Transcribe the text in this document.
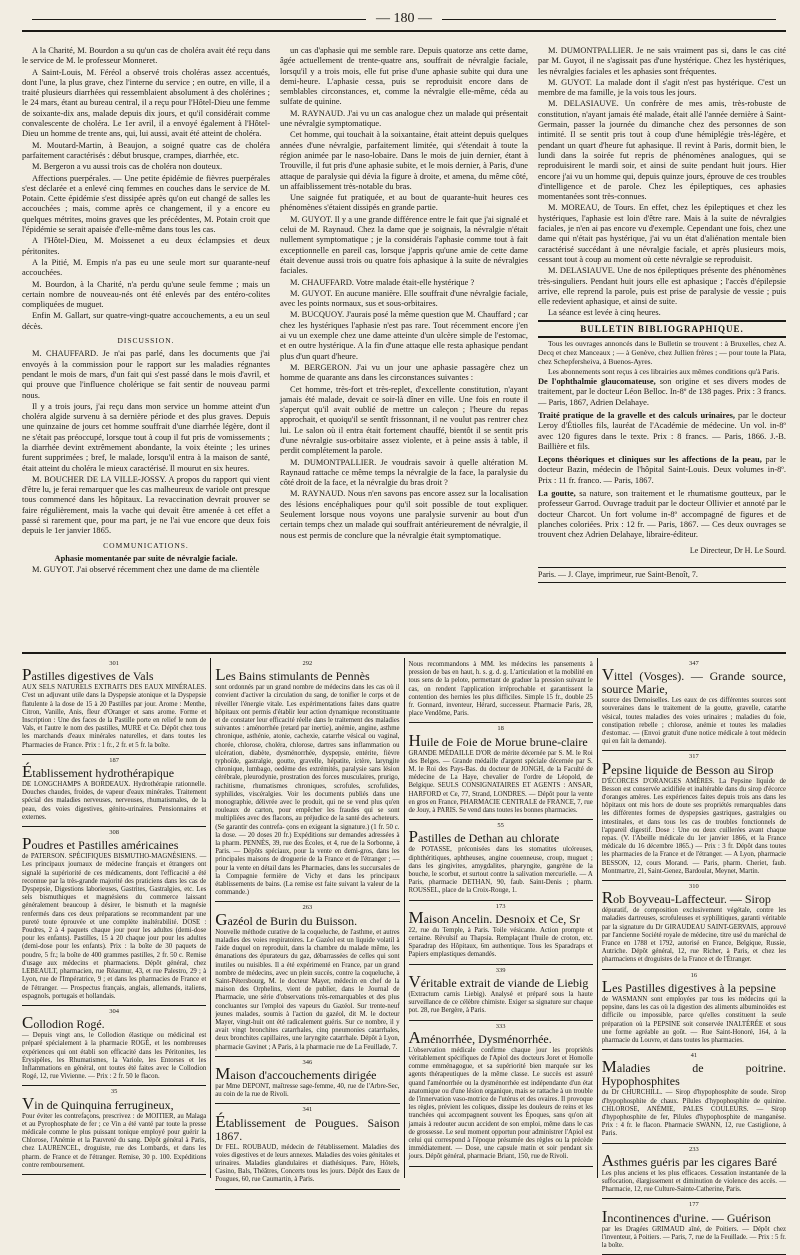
— 180 —

A la Charité, M. Bourdon a su qu'un cas de choléra avait été reçu dans le service de M. le professeur Monneret.

A Saint-Louis, M. Féréol a observé trois choléras assez accentués, dont l'une, la plus grave, chez l'interne du service ; en outre, en ville, il a traité plusieurs diarrhées qui ressemblaient absolument à des cholérines ; le 24 mars, étant au bureau central, il a reçu pour l'Hôtel-Dieu une femme de soixante-dix ans, malade depuis dix jours, et qu'il considérait comme convalescente de choléra. Le 1er avril, il a envoyé également à l'Hôtel-Dieu un homme de trente ans, qui, lui aussi, avait été atteint de choléra.

M. Moutard-Martin, à Beaujon, a soigné quatre cas de choléra parfaitement caractérisés : début brusque, crampes, diarrhée, etc.

M. Bergeron a vu aussi trois cas de choléra non douteux.

Affections puerpérales. — Une petite épidémie de fièvres puerpérales s'est déclarée et a enlevé cinq femmes en couches dans le service de M. Potain. Cette épidémie s'est dissipée après qu'on eut changé de salles les accouchées ; mais, comme après ce changement, il y a encore eu quelques métrites, moins graves que les précédentes, M. Potain croit que l'épidémie se serait apaisée d'elle-même dans tous les cas.

A l'Hôtel-Dieu, M. Moissenet a eu deux éclampsies et deux péritonites.

A la Pitié, M. Empis n'a pas eu une seule mort sur quarante-neuf accouchées.

M. Bourdon, à la Charité, n'a perdu qu'une seule femme ; mais un certain nombre de nouveau-nés ont été enlevés par des entéro-colites compliquées de muguet.

Enfin M. Gallart, sur quatre-vingt-quatre accouchements, a eu un seul décès.

DISCUSSION.

M. CHAUFFARD. Je n'ai pas parlé, dans les documents que j'ai envoyés à la commission pour le rapport sur les maladies régnantes pendant le mois de mars, d'un fait qui s'est passé dans le mois d'avril, et qui prouve que l'influence cholérique se fait sentir de nouveau parmi nous.

Il y a trois jours, j'ai reçu dans mon service un homme atteint d'un choléra algide survenu à sa dernière période et des plus graves. Depuis une quinzaine de jours cet homme souffrait d'une diarrhée légère, dont il ne s'était pas préoccupé, lorsque tout à coup il fut pris de vomissements ; la diarrhée devint extrêmement abondante, la voix éteinte ; les urines furent supprimées ; bref, le malade, lorsqu'il entra à la maison de santé, était atteint du choléra le mieux caractérisé. Il mourut en six heures.

M. BOUCHER DE LA VILLE-JOSSY. A propos du rapport qui vient d'être lu, je ferai remarquer que les cas malheureux de variole ont presque tous commencé dans les hôpitaux. La revaccination devrait prouver se faire régulièrement, mais la vache qui devait être amenée à cet effet a passé si rarement que, pour ma part, je ne l'ai vue encore que deux fois depuis le 1er janvier 1865.

COMMUNICATIONS.

Aphasie momentanée par suite de névralgie faciale.

M. GUYOT. J'ai observé récemment chez une dame de ma clientèle

un cas d'aphasie qui me semble rare. Depuis quatorze ans cette dame, âgée actuellement de trente-quatre ans, souffrait de névralgie faciale, lorsqu'il y a trois mois, elle fut prise d'une aphasie subite qui dura une demi-heure. L'aphasie cessa, puis se reproduisit encore dans de semblables circonstances, et, comme la névralgie elle-même, céda au sulfate de quinine.

M. RAYNAUD. J'ai vu un cas analogue chez un malade qui présentait une névralgie symptomatique.

Cet homme, qui touchait à la soixantaine, était atteint depuis quelques années d'une névralgie, parfaitement limitée, qui s'étendait à toute la région animée par le naso-lobaire. Dans le mois de juin dernier, étant à Trouville, il fut pris d'une aphasie subite, et le mois dernier, à Paris, d'une attaque de paralysie qui dévia la figure à droite, et amena, du même côté, un affaiblissement très-notable du bras.

Une saignée fut pratiquée, et au bout de quarante-huit heures ces phénomènes s'étaient dissipés en grande partie.

M. GUYOT. Il y a une grande différence entre le fait que j'ai signalé et celui de M. Raynaud. Chez la dame que je soignais, la névralgie n'était nullement symptomatique ; je la considérais l'aphasie comme tout à fait exceptionnelle en pareil cas, lorsque j'appris qu'une amie de cette dame était devenue aussi trois ou quatre fois aphasique à la suite de névralgies faciales.

M. CHAUFFARD. Votre malade était-elle hystérique ?

M. GUYOT. En aucune manière. Elle souffrait d'une névralgie faciale, avec les points normaux, sus et sous-orbitaires.

M. BUCQUOY. J'aurais posé la même question que M. Chauffard ; car chez les hystériques l'aphasie n'est pas rare. Tout récemment encore j'en ai vu un exemple chez une dame atteinte d'un ulcère simple de l'estomac, et en outre hystérique. A la fin d'une attaque elle resta aphasique pendant plus d'un quart d'heure.

M. BERGERON. J'ai vu un jour une aphasie passagère chez un homme de quarante ans dans les circonstances suivantes :

Cet homme, très-fort et très-replet, d'excellente constitution, n'ayant jamais été malade, devait ce soir-là dîner en ville. Une fois en route il s'aperçut qu'il avait oublié de mettre un caleçon ; l'heure du repas approchait, et quoiqu'il se sentît frissonnant, il ne voulut pas rentrer chez lui. Le salon où il entra était fortement chauffé, bientôt il se sentit pris d'une névralgie sus-orbitaire assez violente, et à peine assis à table, il perdit complétement la parole.

M. DUMONTPALLIER. Je voudrais savoir à quelle altération M. Raynaud rattache ce même temps la névralgie de la face, la paralysie du côté droit de la face, et la névralgie du bras droit ?

M. RAYNAUD. Nous n'en savons pas encore assez sur la localisation des lésions encéphaliques pour qu'il soit possible de tout expliquer. Seulement lorsque nous voyons une paralysie survenir au bout d'un certain temps chez un malade qui souffrait antérieurement de névralgie, il nous est permis de conclure que la névralgie était symptomatique.

M. DUMONTPALLIER. Je ne sais vraiment pas si, dans le cas cité par M. Guyot, il ne s'agissait pas d'une hystérique. Chez les hystériques, les névralgies faciales et les aphasies sont fréquentes.

M. GUYOT. La malade dont il s'agit n'est pas hystérique. C'est un membre de ma famille, je la vois tous les jours.

M. DELASIAUVE. Un confrère de mes amis, très-robuste de constitution, n'ayant jamais été malade, était allé l'année dernière à Saint-Germain, passer la journée du dimanche chez des personnes de son intimité. Il se sentit pris tout à coup d'une hémiplégie très-légère, et pendant un quart d'heure fut aphasique. Il revint à Paris, dormit bien, le lundi dans la soirée fut repris de phénomènes analogues, qui se reproduisirent le mardi soir, et ainsi de suite pendant huit jours. Hier encore j'ai vu un homme qui, depuis quinze jours, éprouve de ces troubles d'intelligence et de parole. Chez les épileptiques, ces aphasies momentanées sont très-connues.

M. MOREAU, de Tours. En effet, chez les épileptiques et chez les hystériques, l'aphasie est loin d'être rare. Mais à la suite de névralgies faciales, je n'en ai pas encore vu d'exemple. Cependant une fois, chez une dame qui n'était pas hystérique, j'ai vu un état d'aliénation mentale bien caractérisé succédant à une névralgie faciale, et après plusieurs mois, cessant tout à coup au moment où cette névralgie se reproduisit.

M. DELASIAUVE. Une de nos épileptiques présente des phénomènes très-singuliers. Pendant huit jours elle est aphasique ; l'accès d'épilepsie arrive, elle reprend la parole, puis est prise de paralysie de vessie ; puis elle redevient aphasique, et ainsi de suite.

La séance est levée à cinq heures.

BULLETIN BIBLIOGRAPHIQUE.

Tous les ouvrages annoncés dans le Bulletin se trouvent : à Bruxelles, chez A. Decq et chez Manceaux ; — à Genève, chez Jullien frères ; — pour toute la Plata, chez Schepfersheiva, à Buenos-Ayres.

Les abonnements sont reçus à ces librairies aux mêmes conditions qu'à Paris.

De l'ophthalmie glaucomateuse, son origine et ses divers modes de traitement, par le docteur Léon Belloc. In-8º de 138 pages. Prix : 3 francs. — Paris, 1867, Adrien Delahaye.
Traité pratique de la gravelle et des calculs urinaires, par le docteur Leroy d'Étiolles fils, lauréat de l'Académie de médecine. Un vol. in-8º avec 120 figures dans le texte. Prix : 8 francs. — Paris, 1866. J.-B. Baillière et fils.
Leçons théoriques et cliniques sur les affections de la peau, par le docteur Bazin, médecin de l'hôpital Saint-Louis. Deux volumes in-8º. Prix : 11 fr. franco. — Paris, 1867.
La goutte, sa nature, son traitement et le rhumatisme goutteux, par le professeur Garrod. Ouvrage traduit par le docteur Ollivier et annoté par le docteur Charcot. Un fort volume in-8º accompagné de figures et de planches coloriées. Prix : 12 fr. — Paris, 1867. — Ces deux ouvrages se trouvent chez Adrien Delahaye, libraire-éditeur.
Le Directeur, Dr H. Le Sourd.
Paris. — J. Claye, imprimeur, rue Saint-Benoît, 7.
301
Pastilles digestives de Vals

AUX SELS NATURELS EXTRAITS DES EAUX MINÉRALES. C'est un adjuvant utile dans la Dyspepsie atonique et la Dyspepsie flatulente à la dose de 15 à 20 Pastilles par jour. Arome : Menthe, Citron, Vanille, Anis, fleur d'Oranger et sans arome. Forme et Inscription : Une des faces de la Pastille porte en relief le nom de Vals, et l'autre le nom des pastilles, MURE et Ce. Dépôt chez tous les marchands d'eaux minérales naturelles, et dans toutes les Pharmacies de France. Prix : 1 fr., 2 fr. et 5 fr. la boîte.

187
Établissement hydrothérapique

DE LONGCHAMPS A BORDEAUX. Hydrothérapie rationnelle. Douches chaudes, froides, de vapeur d'eaux minérales. Traitement spécial des maladies nerveuses, nerveuses, rhumatismales, de la peau, des voies digestives, génito-urinaires. Pensionnaires et externes.

308
Poudres et Pastilles américaines

de PATERSON. SPÉCIFIQUES BISMUTHO-MAGNÉSIENS. — Les principaux journaux de médecine français et étrangers ont signalé la supériorité de ces médicaments, dont l'efficacité a été reconnue par la très-grande majorité des praticiens dans les cas de Dyspepsie, Digestions laborieuses, Gastrites, Gastralgies, etc. Les sels bismuthiques et magnésiens du commerce laissant généralement beaucoup à désirer, le bismuth et la magnésie renfermés dans ces deux préparations se recommandent par une pureté toute éprouvée et une complète inaltérabilité. DOSE : Poudres, 2 à 4 paquets chaque jour pour les adultes (demi-dose pour les enfants). Pastilles, 15 à 20 chaque jour pour les adultes (demi-dose pour les enfants). Prix : la boîte de 30 paquets de poudre, 5 fr.; la boîte de 400 grammes pastilles, 2 fr. 50 c. Remise d'usage aux médecins et pharmaciens. Dépôt général, chez LEBEAULT, pharmacien, rue Réaumur, 43, et rue Palestro, 29 ; à Lyon, rue de l'Impératrice, 9 ; et dans les pharmacies de France et de l'étranger. — Prospectus français, anglais, allemands, italiens, espagnols, portugais et hollandais.

304
Collodion Rogé.

— Depuis vingt ans, le Collodion élastique ou médicinal est préparé spécialement à la pharmacie ROGÉ, et les nombreuses expériences qui ont établi son efficacité dans les Péritonites, les Érysipèles, les Rhumatismes, la Variole, les Entorses et les Inflammations en général, ont toutes été faites avec le Collodion Rogé, 12, rue Vivienne. — Prix : 2 fr. 50 le flacon.

35
Vin de Quinquina ferrugineux,

Pour éviter les contrefaçons, prescrivez : de MOITIER, au Malaga et au Pyrophosphate de fer ; ce Vin a été vanté par toute la presse médicale comme le plus puissant tonique employé pour guérir la Chlorose, l'Anémie et la Pauvreté du sang. Dépôt général à Paris, chez LAURENCEL, droguiste, rue des Lombards, et dans les pharm. de France et de l'étranger. Remise, 30 p. 100. Expéditions contre remboursement.

292
Les Bains stimulants de Pennès

sont ordonnés par un grand nombre de médecins dans les cas où il convient d'activer la circulation du sang, de tonifier le corps et de réveiller l'énergie vitale. Les expérimentations faites dans quatre hôpitaux ont permis d'établir leur action dynamique reconstituante et de constater leur efficacité réelle dans le traitement des maladies suivantes : aménorrhée (retard par inertie), anémie, angine, asthme chronique, asthénie, atonie, cachexie, catarrhe vésical ou vaginal, chorée, chlorose, choléra, chlorose, dartres sans inflammation ou ulcération, diabète, dysménorrhée, dyspepsie, entérite, fièvre typhoïde, gastralgie, goutte, gravelle, hépatite, ictère, laryngite chronique, lumbago, oedème des extrémités, paralysie sans lésion cérébrale, pleurodynie, prostration des forces musculaires, prurigo, rachitisme, rhumatismes chroniques, scrofules, scrofulides, syphilides, viscéralgies. Voir les documents publiés dans une monographie, délivrée avec le produit, qui ne se vend plus qu'en rouleaux de carton, pour empêcher les fraudes qui se sont multipliées avec des flacons, au préjudice de la santé des acheteurs. (Se garantir des contrefa- çons en exigeant la signature.) (1 fr. 50 c. la dose. — 20 doses 20 fr.) Expéditions sur demandes adressées à la pharm. PENNÈS, 39, rue des Écoles, et 4, rue de la Sorbonne, à Paris. — Dépôts spéciaux, pour la vente en demi-gros, dans les principales maisons de droguerie de la France et de l'étranger ; — pour la vente en détail dans les Pharmacies, dans les succursales de la Compagnie fermière de Vichy et dans les principaux établissements de bains. (La remise est faite suivant la valeur de la commande.)

263
Gazéol de Burin du Buisson.

Nouvelle méthode curative de la coqueluche, de l'asthme, et autres maladies des voies respiratoires. Le Gazéol est un liquide volatil à l'aide duquel on reproduit, dans la chambre du malade même, les émanations des épurateurs du gaz, débarrassées de celles qui sont inutiles ou nuisibles. Il a été expérimenté en France, par un grand nombre de médecins, avec un plein succès, contre la coqueluche, à Saint-Pétersbourg, M. le docteur Mayer, médecin en chef de la maison des Orphelins, vient de publier, dans le Journal de Pharmacie, une série d'observations très-remarquables et des plus concluantes sur l'emploi des vapeurs du Gazéol. Sur trente-neuf jeunes malades, soumis à l'action du gazéol, dit M. le docteur Mayer, vingt-huit ont été radicalement guéris. Sur ce nombre, il y avait vingt bronchites catarrhales, cinq pneumonies catarrhales, deux bronchites capillaires, une laryngite catarrhale. Dépôt à Lyon, pharmacie Gavinet ; A Paris, à la pharmacie rue de La Feuillade, 7.

346
Maison d'accouchements dirigée

par Mme DEPONT, maîtresse sage-femme, 40, rue de l'Arbre-Sec, au coin de la rue de Rivoli.

341
Établissement de Pougues. Saison 1867.

Dr FEL. ROUBAUD, médecin de l'établissement. Maladies des voies digestives et de leurs annexes. Maladies des voies génitales et urinaires. Maladies glandulaires et diathésiques. Pare, Hôtels, Casino, Bals, Théâtres, Concerts tous les jours. Dépôt des Eaux de Pougues, 60, rue Caumartin, à Paris.

Nous recommandons à MM. les médecins les pansements à pression de bas en haut, h. s. g. d. g. L'articulation et la mobilité en tous sens de la pelote, permettant de graduer la pression suivant le cas, on rendent l'application irréprochable et garantissent la contention des hernies les plus difficiles. Simple 15 fr., double 25 fr. Gonnard, inventeur, Hérard, successeur. Pharmacie Paris, 28, place Vendôme, Paris.

18
Huile de Foie de Morue brune-claire

GRANDE MÉDAILLE D'OR de mérite décernée par S. M. le Roi des Belges. — Grande médaille d'argent spéciale décernée par S. M. le Roi des Pays-Bas. du docteur de JONGH, de la Faculté de médecine de La Haye, chevalier de l'ordre de Léopold, de Belgique. SEULS CONSIGNATAIRES ET AGENTS : ANSAR, HARFORD et Ce, 77, Strand, LONDRES. — Dépôt pour la vente en gros en France, PHARMACIE CENTRALE de FRANCE, 7, rue de Jouy, à PARIS. Se vend dans toutes les bonnes pharmacies.

55
Pastilles de Dethan au chlorate

de POTASSE, préconisées dans les stomatites ulcéreuses, diphthéritiques, aphtheuses, angine couenneuse, croup, muguet ; dans les gingivites, amygdalites, pharyngite, gangrène de la bouche, le scorbut, et surtout contre la salivation mercurielle. — A Paris, pharmacie DETHAN, 90, faub. Saint-Denis ; pharm. ROUSSEL, place de la Croix-Rouge, 1.

173
Maison Ancelin. Desnoix et Ce, Sr

22, rue du Temple, à Paris. Toile vésicante. Action prompte et certaine. Révulsif au Thapsia. Remplaçant l'huile de croton, etc. Sparadrap des Hôpitaux, 6m authentique. Tous les Sparadraps et Papiers emplastiques demandés.

339
Véritable extrait de viande de Liebig

(Extractum carnis Liebig). Analysé et préparé sous la haute surveillance de ce célèbre chimiste. Exiger sa signature sur chaque pot. 28, rue Bergère, à Paris.

333
Aménorrhée, Dysménorrhée.

L'observation médicale confirme chaque jour les propriétés véritablement spécifiques de l'Apiol des docteurs Joret et Homolle comme emménagogue, et sa supériorité bien marquée sur les agents thérapeutiques de la même classe. Le succès est assuré quand l'aménorrhée ou la dysménorrhée est indépendante d'un état anatomique ou d'une lésion organique, mais se rattache à un trouble de l'innervation vaso-motrice de l'utérus et des ovaires. Il provoque les règles, prévient les coliques, dissipe les douleurs de reins et les tranchées qui accompagnent souvent les Époques, sans qu'on ait jamais à redouter aucun accident de son emploi, même dans le cas de grossesse. Le seul moment opportun pour administrer l'Apiol est celui qui correspond à l'époque présumée des règles ou la précède immédiatement. — Dose, une capsule matin et soir pendant six jours. Dépôt général, pharmacie Briant, 150, rue de Rivoli.

347
Vittel (Vosges). — Grande source, source Marie,

source des Demoiselles. Les eaux de ces différentes sources sont souveraines dans le traitement de la goutte, gravelle, catarrhe vésical, toutes maladies des voies urinaires ; maladies du foie, constipation rebelle ; chlorose, anémie et toutes les maladies d'estomac. — (Envoi gratuit d'une notice médicale à tout médecin qui en fait la demande).

317
Pepsine liquide de Besson au Sirop

D'ÉCORCES D'ORANGES AMÈRES. La Pepsine liquide de Besson est conservée acidifiée et inaltérable dans du sirop d'écorce d'oranges amères. Les expériences faites depuis trois ans dans les hôpitaux ont mis hors de doute ses propriétés remarquables dans les différentes formes de dyspepsies gastriques, gastralgies ou intestinales, et dans tous les cas de troubles fonctionnels de l'appareil digestif. Dose : Une ou deux cuillerées avant chaque repas. (V. l'Abeille médicale du 1er janvier 1866, et la France médicale du 16 décembre 1865.) — Prix : 3 fr. Dépôt dans toutes les pharmacies de la France et de l'étranger. — A Lyon, pharmacie BESSON, 12, cours Morand. — Paris, pharm. Cheriet, faub. Montmartre, 21, Saint-Genez, Bardoulat, Meynet, Martin.

310
Rob Boyveau-Laffecteur. — Sirop

dépuratif, de composition exclusivement végétale, contre les maladies dartreuses, scrofuleuses et syphilitiques, garanti véritable par la signature du Dr GIRAUDEAU SAINT-GERVAIS, approuvé par l'ancienne Société royale de médecine, titre usé du maréchal de France en 1788 et 1792, autorisé en France, Belgique, Russie, Autriche. Dépôt général, 12, rue Richer, à Paris, et chez les pharmaciens et droguistes de la France et de l'Étranger.

16
Les Pastilles digestives à la pepsine

de WASMANN sont employées par tous les médecins qui la pepsine, dans les cas où la digestion des aliments albuminoïdes est difficile ou impossible, parce qu'elles constituent la seule préparation où la PEPSINE soit conservée INALTÉRÉE et sous une forme agréable au goût. — Rue Saint-Honoré, 164, à la pharmacie du Louvre, et dans toutes les pharmacies.

41
Maladies de poitrine. Hypophosphites

du Dr CHURCHILL. — Sirop d'hypophosphite de soude. Sirop d'hypophosphite de chaux. Pilules d'hypophosphite de quinine. CHLOROSE, ANÉMIE, PALES COULEURS. — Sirop d'hypophosphite de fer, Pilules d'hypophosphite de manganèse. Prix : 4 fr. le flacon. Pharmacie SWANN, 12, rue Castiglione, à Paris.

233
Asthmes guéris par les cigares Baré

Les plus anciens et les plus efficaces. Cessation instantanée de la suffocation, élargissement et diminution de violence des accès. — Pharmacie, 12, rue Culture-Sainte-Catherine, Paris.

177
Incontinences d'urine. — Guérison

par les Dragées GRIMAUD aîné, de Poitiers. — Dépôt chez l'inventeur, à Poitiers. — Paris, 7, rue de la Feuillade. — Prix : 5 fr. la boîte.
